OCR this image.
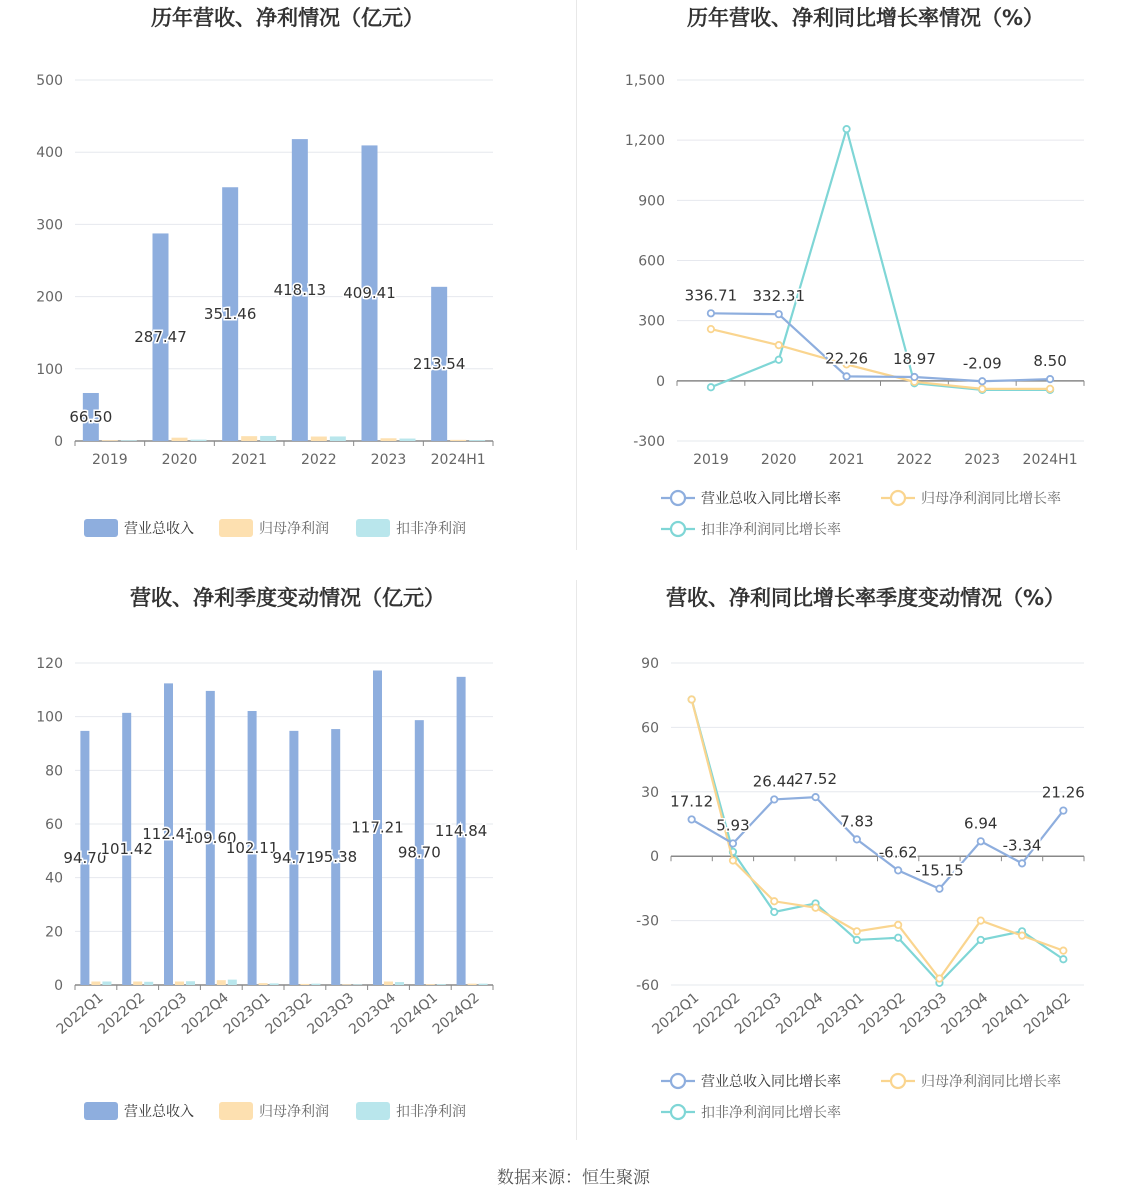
历年营收、净利情况（亿元）
0
100
200
300
400
500
2019 2020 2021 2022 2023 2024H1
66.50
287.47
351.46
418.13 409.41
213.54
营业总收入	归母净利润	扣非净利润
历年营收、净利同比增长率情况（%）
-300
0
300
600
900
1,200
1,500
2019 2020 2021 2022 2023 2024H1
336.71 332.31
22.26 18.97 -2.09 8.50
营业总收入同比增长率	归母净利润同比增长率
扣非净利润同比增长率
营收、净利季度变动情况（亿元）
0
20
40
60
80
100
120
2022Q1
2022Q2
2022Q3
2022Q4
2023Q1
2023Q2
2023Q3
2023Q4
2024Q1
2024Q2
94.70
101.42
112.41
109.60
102.11
94.71
95.38
117.21
98.70
114.84
营业总收入	归母净利润	扣非净利润
营收、净利同比增长率季度变动情况（%）
-60
-30
0
30
60
90
2022Q1
2022Q2
2022Q3
2022Q4
2023Q1
2023Q2
2023Q3
2023Q4
2024Q1
2024Q2
17.12
5.93
26.44
27.52
7.83
-6.62
-15.15
6.94
-3.34
21.26
营业总收入同比增长率	归母净利润同比增长率
扣非净利润同比增长率
数据来源：恒生聚源
